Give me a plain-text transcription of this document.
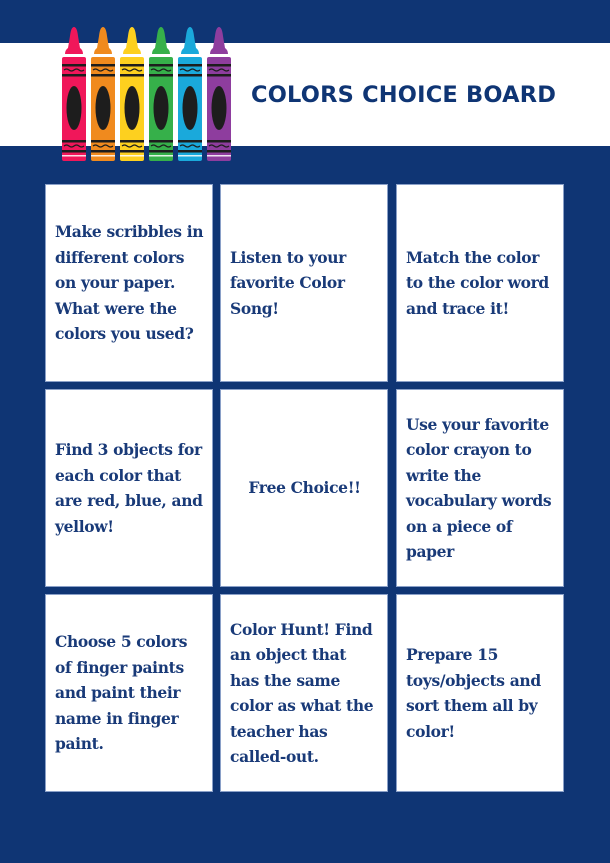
COLORS CHOICE BOARD
Make scribbles in different colors on your paper. What were the colors you used?
Listen to your favorite Color Song!
Match the color to the color word and trace it!
Find 3 objects for each color that are red, blue, and yellow!
Free Choice!!
Use your favorite color crayon to write the vocabulary words on a piece of paper
Choose 5 colors of finger paints and paint their name in finger paint.
Color Hunt! Find an object that has the same color as what the teacher has called-out.
Prepare 15 toys/objects and sort them all by color!
